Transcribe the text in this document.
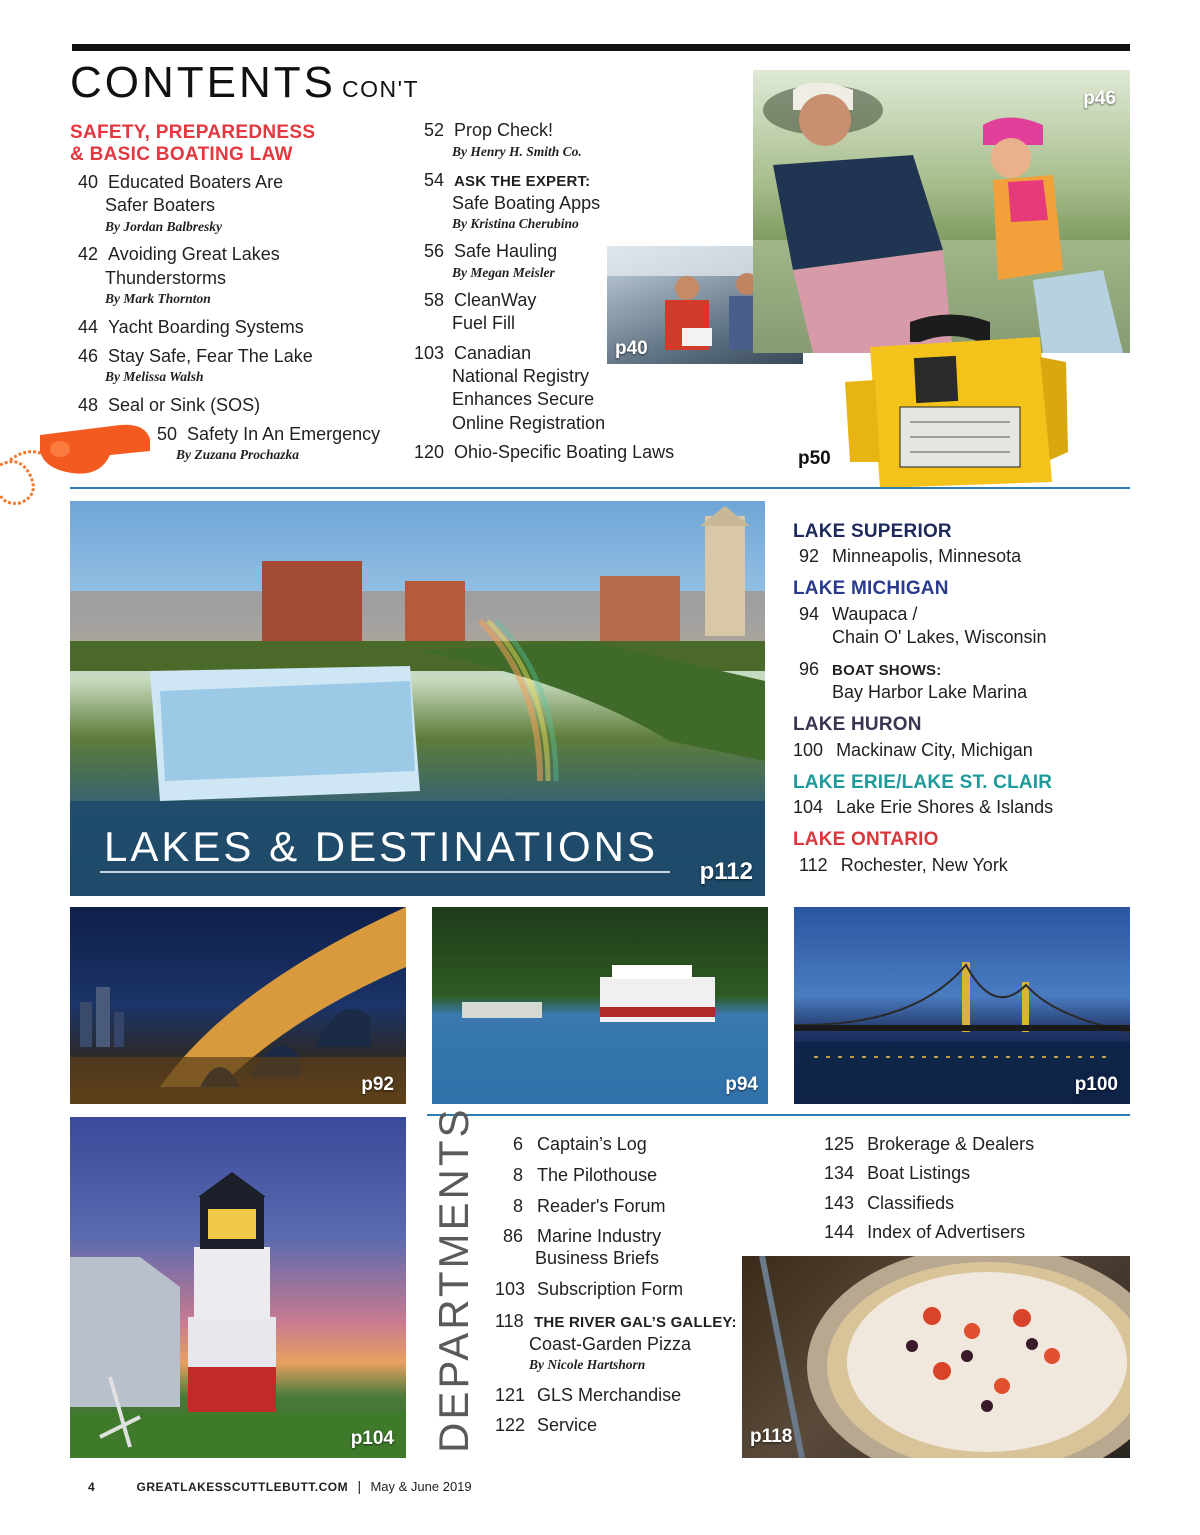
CONTENTS CON'T
SAFETY, PREPAREDNESS
& BASIC BOATING LAW
40 Educated Boaters Are
Safer Boaters
By Jordan Balbresky
42 Avoiding Great Lakes
Thunderstorms
By Mark Thornton
44 Yacht Boarding Systems
46 Stay Safe, Fear The Lake
By Melissa Walsh
48 Seal or Sink (SOS)
50 Safety In An Emergency
By Zuzana Prochazka
52 Prop Check!
By Henry H. Smith Co.
54 ASK THE EXPERT:
Safe Boating Apps
By Kristina Cherubino
56 Safe Hauling
By Megan Meisler
58 CleanWay
Fuel Fill
103 Canadian
National Registry
Enhances Secure
Online Registration
120 Ohio-Specific Boating Laws
p40
p46
p50
LAKES & DESTINATIONS
p112
LAKE SUPERIOR
92 Minneapolis, Minnesota
LAKE MICHIGAN
94 Waupaca /
Chain O' Lakes, Wisconsin
96 BOAT SHOWS:
Bay Harbor Lake Marina
LAKE HURON
100 Mackinaw City, Michigan
LAKE ERIE/LAKE ST. CLAIR
104 Lake Erie Shores & Islands
LAKE ONTARIO
112 Rochester, New York
p92	p94	p100
p104 DEPARTMENTS	6 Captain’s Log
8 The Pilothouse
8 Reader's Forum
86 Marine Industry
Business Briefs
103 Subscription Form
118 THE RIVER GAL’S GALLEY:
Coast-Garden Pizza
By Nicole Hartshorn
121 GLS Merchandise
122 Service
125 Brokerage & Dealers
134 Boat Listings
143 Classifieds
144 Index of Advertisers
p118
4	GREATLAKESSCUTTLEBUTT.COM | May & June 2019
